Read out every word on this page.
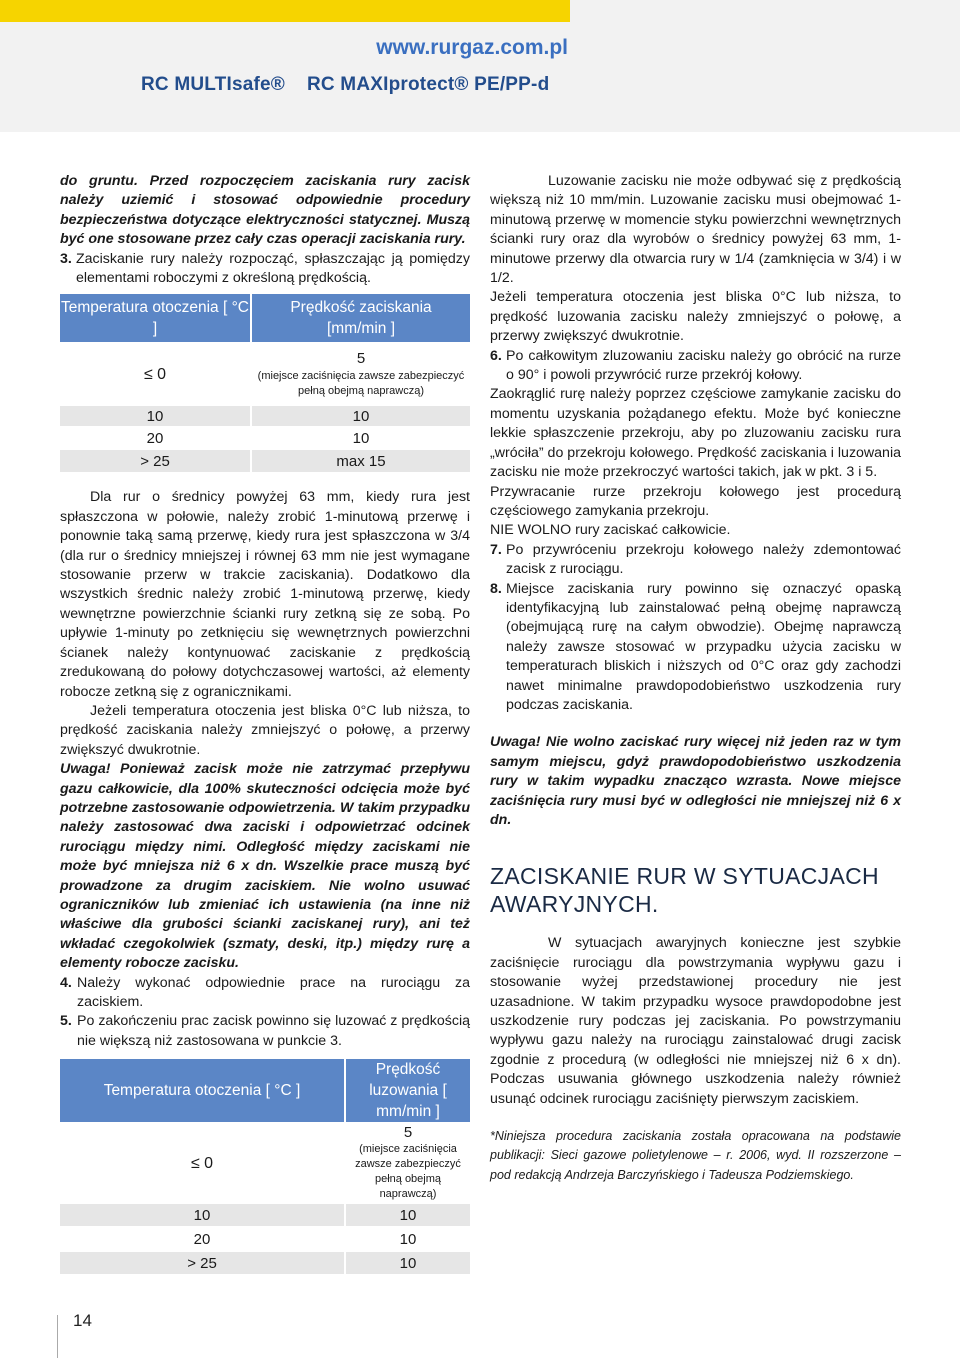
www.rurgaz.com.pl
RC MULTIsafe® RC MAXIprotect® PE/PP-d

do gruntu. Przed rozpoczęciem zaciskania rury zacisk należy uziemić i stosować odpowiednie procedury bezpieczeństwa dotyczące elektryczności statycznej. Muszą być one stosowane przez cały czas operacji zaciskania rury.

3. Zaciskanie rury należy rozpocząć, spłaszczając ją pomiędzy elementami roboczymi z określoną prędkością.
Temperatura otoczenia [ °C ]	Prędkość zaciskania [mm/min ]
≤ 0	5
(miejsce zaciśnięcia zawsze zabezpieczyć pełną obejmą naprawczą)

10	10
20	10
> 25	max 15

Dla rur o średnicy powyżej 63 mm, kiedy rura jest spłaszczona w połowie, należy zrobić 1-minutową przerwę i ponownie taką samą przerwę, kiedy rura jest spłaszczona w 3/4 (dla rur o średnicy mniejszej i równej 63 mm nie jest wymagane stosowanie przerw w trakcie zaciskania). Dodatkowo dla wszystkich średnic należy zrobić 1-minutową przerwę, kiedy wewnętrzne powierzchnie ścianki rury zetkną się ze sobą. Po upływie 1-minuty po zetknięciu się wewnętrznych powierzchni ścianek należy kontynuować zaciskanie z prędkością zredukowaną do połowy dotychczasowej wartości, aż elementy robocze zetkną się z ogranicznikami.

Jeżeli temperatura otoczenia jest bliska 0°C lub niższa, to prędkość zaciskania należy zmniejszyć o połowę, a przerwy zwiększyć dwukrotnie.

Uwaga! Ponieważ zacisk może nie zatrzymać przepływu gazu całkowicie, dla 100% skuteczności odcięcia może być potrzebne zastosowanie odpowietrzenia. W takim przypadku należy zastosować dwa zaciski i odpowietrzać odcinek rurociągu między nimi. Odległość między zaciskami nie może być mniejsza niż 6 x dn. Wszelkie prace muszą być prowadzone za drugim zaciskiem. Nie wolno usuwać ograniczników lub zmieniać ich ustawienia (na inne niż właściwe dla grubości ścianki zaciskanej rury), ani też wkładać czegokolwiek (szmaty, deski, itp.) między rurę a elementy robocze zacisku.

4. Należy wykonać odpowiednie prace na rurociągu za zaciskiem.
5. Po zakończeniu prac zacisk powinno się luzować z prędkością nie większą niż zastosowana w punkcie 3.
Temperatura otoczenia [ °C ]	Prędkość luzowania [ mm/min ]
≤ 0	5
(miejsce zaciśnięcia zawsze zabezpieczyć pełną obejmą naprawczą)

10	10
20	10
> 25	10

Luzowanie zacisku nie może odbywać się z prędkością większą niż 10 mm/min. Luzowanie zacisku musi obejmować 1-minutową przerwę w momencie styku powierzchni wewnętrznych ścianki rury oraz dla wyrobów o średnicy powyżej 63 mm, 1-minutowe przerwy dla otwarcia rury w 1/4 (zamknięcia w 3/4) i w 1/2.

Jeżeli temperatura otoczenia jest bliska 0°C lub niższa, to prędkość luzowania zacisku należy zmniejszyć o połowę, a przerwy zwiększyć dwukrotnie.

6. Po całkowitym zluzowaniu zacisku należy go obrócić na rurze o 90° i powoli przywrócić rurze przekrój kołowy.

Zaokrąglić rurę należy poprzez częściowe zamykanie zacisku do momentu uzyskania pożądanego efektu. Może być konieczne lekkie spłaszczenie przekroju, aby po zluzowaniu zacisku rura „wróciła” do przekroju kołowego. Prędkość zaciskania i luzowania zacisku nie może przekroczyć wartości takich, jak w pkt. 3 i 5.

Przywracanie rurze przekroju kołowego jest procedurą częściowego zamykania przekroju.

NIE WOLNO rury zaciskać całkowicie.

7. Po przywróceniu przekroju kołowego należy zdemontować zacisk z rurociągu.
8. Miejsce zaciskania rury powinno się oznaczyć opaską identyfikacyjną lub zainstalować pełną obejmę naprawczą (obejmującą rurę na całym obwodzie). Obejmę naprawczą należy zawsze stosować w przypadku użycia zacisku w temperaturach bliskich i niższych od 0°C oraz gdy zachodzi nawet minimalne prawdopodobieństwo uszkodzenia rury podczas zaciskania.

Uwaga! Nie wolno zaciskać rury więcej niż jeden raz w tym samym miejscu, gdyż prawdopodobieństwo uszkodzenia rury w takim wypadku znacząco wzrasta. Nowe miejsce zaciśnięcia rury musi być w odległości nie mniejszej niż 6 x dn.

ZACISKANIE RUR W SYTUACJACH AWARYJNYCH.

W sytuacjach awaryjnych konieczne jest szybkie zaciśnięcie rurociągu dla powstrzymania wypływu gazu i stosowanie wyżej przedstawionej procedury nie jest uzasadnione. W takim przypadku wysoce prawdopodobne jest uszkodzenie rury podczas jej zaciskania. Po powstrzymaniu wypływu gazu należy na rurociągu zainstalować drugi zacisk zgodnie z procedurą (w odległości nie mniejszej niż 6 x dn). Podczas usuwania głównego uszkodzenia należy również usunąć odcinek rurociągu zaciśnięty pierwszym zaciskiem.

*Niniejsza procedura zaciskania została opracowana na podstawie publikacji: Sieci gazowe polietylenowe – r. 2006, wyd. II rozszerzone – pod redakcją Andrzeja Barczyńskiego i Tadeusza Podziemskiego.

14
